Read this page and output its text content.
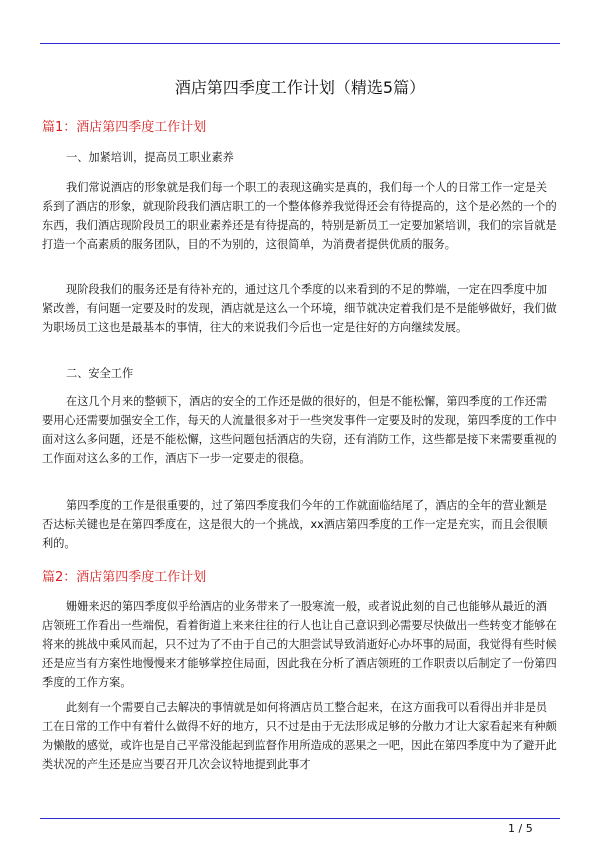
酒店第四季度工作计划（精选5篇）
篇1：酒店第四季度工作计划
一、加紧培训，提高员工职业素养

我们常说酒店的形象就是我们每一个职工的表现这确实是真的，我们每一个人的日常工作一定是关系到了酒店的形象，就现阶段我们酒店职工的一个整体修养我觉得还会有待提高的，这个是必然的一个的东西，我们酒店现阶段员工的职业素养还是有待提高的，特别是新员工一定要加紧培训，我们的宗旨就是打造一个高素质的服务团队，目的不为别的，这很简单，为消费者提供优质的服务。

现阶段我们的服务还是有待补充的，通过这几个季度的以来看到的不足的弊端，一定在四季度中加紧改善，有问题一定要及时的发现，酒店就是这么一个环境，细节就决定着我们是不是能够做好，我们做为职场员工这也是最基本的事情，往大的来说我们今后也一定是往好的方向继续发展。

二、安全工作

在这几个月来的整顿下，酒店的安全的工作还是做的很好的，但是不能松懈，第四季度的工作还需要用心还需要加强安全工作，每天的人流量很多对于一些突发事件一定要及时的发现，第四季度的工作中面对这么多问题，还是不能松懈，这些问题包括酒店的失窃，还有消防工作，这些都是接下来需要重视的工作面对这么多的工作，酒店下一步一定要走的很稳。

第四季度的工作是很重要的，过了第四季度我们今年的工作就面临结尾了，酒店的全年的营业额是否达标关键也是在第四季度在，这是很大的一个挑战，xx酒店第四季度的工作一定是充实，而且会很顺利的。

篇2：酒店第四季度工作计划

姗姗来迟的第四季度似乎给酒店的业务带来了一股寒流一般，或者说此刻的自己也能够从最近的酒店领班工作看出一些端倪，看着街道上来来往往的行人也让自己意识到必需要尽快做出一些转变才能够在将来的挑战中乘风而起，只不过为了不由于自己的大胆尝试导致消逝好心办坏事的局面，我觉得有些时候还是应当有方案性地慢慢来才能够掌控住局面，因此我在分析了酒店领班的工作职责以后制定了一份第四季度的工作方案。

此刻有一个需要自己去解决的事情就是如何将酒店员工整合起来，在这方面我可以看得出并非是员工在日常的工作中有着什么做得不好的地方，只不过是由于无法形成足够的分散力才让大家看起来有种颇为懒散的感觉，或许也是自己平常没能起到监督作用所造成的恶果之一吧，因此在第四季度中为了避开此类状况的产生还是应当要召开几次会议特地提到此事才

1 / 5
